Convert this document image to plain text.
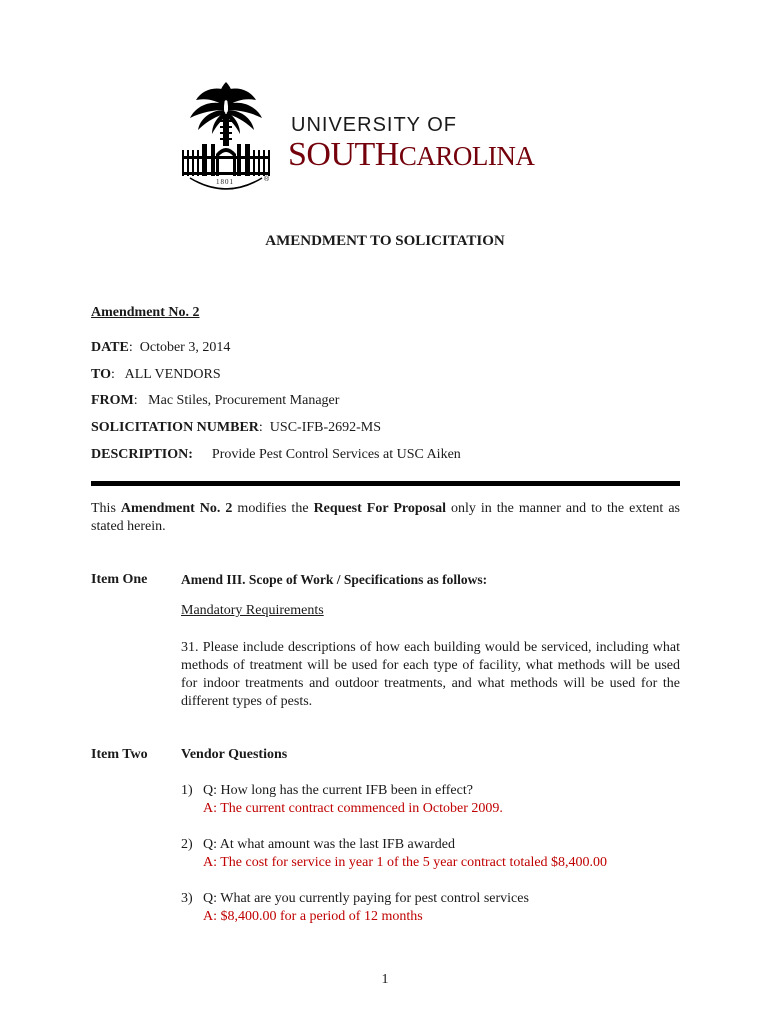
®
UNIVERSITY OF
SOUTHCAROLINA
1801
AMENDMENT TO SOLICITATION
Amendment No. 2
DATE:  October 3, 2014
TO:   ALL VENDORS
FROM:   Mac Stiles, Procurement Manager
SOLICITATION NUMBER:  USC-IFB-2692-MS
DESCRIPTION: Provide Pest Control Services at USC Aiken
This Amendment No. 2 modifies the Request For Proposal only in the manner and to the extent as stated herein.
Item One Amend III. Scope of Work / Specifications as follows:
Mandatory Requirements
31. Please include descriptions of how each building would be serviced, including what methods of treatment will be used for each type of facility, what methods will be used for indoor treatments and outdoor treatments, and what methods will be used for the different types of pests.
Item Two Vendor Questions
1) Q: How long has the current IFB been in effect?
A: The current contract commenced in October 2009.
2) Q: At what amount was the last IFB awarded
A: The cost for service in year 1 of the 5 year contract totaled $8,400.00
3) Q: What are you currently paying for pest control services
A: $8,400.00 for a period of 12 months
1
